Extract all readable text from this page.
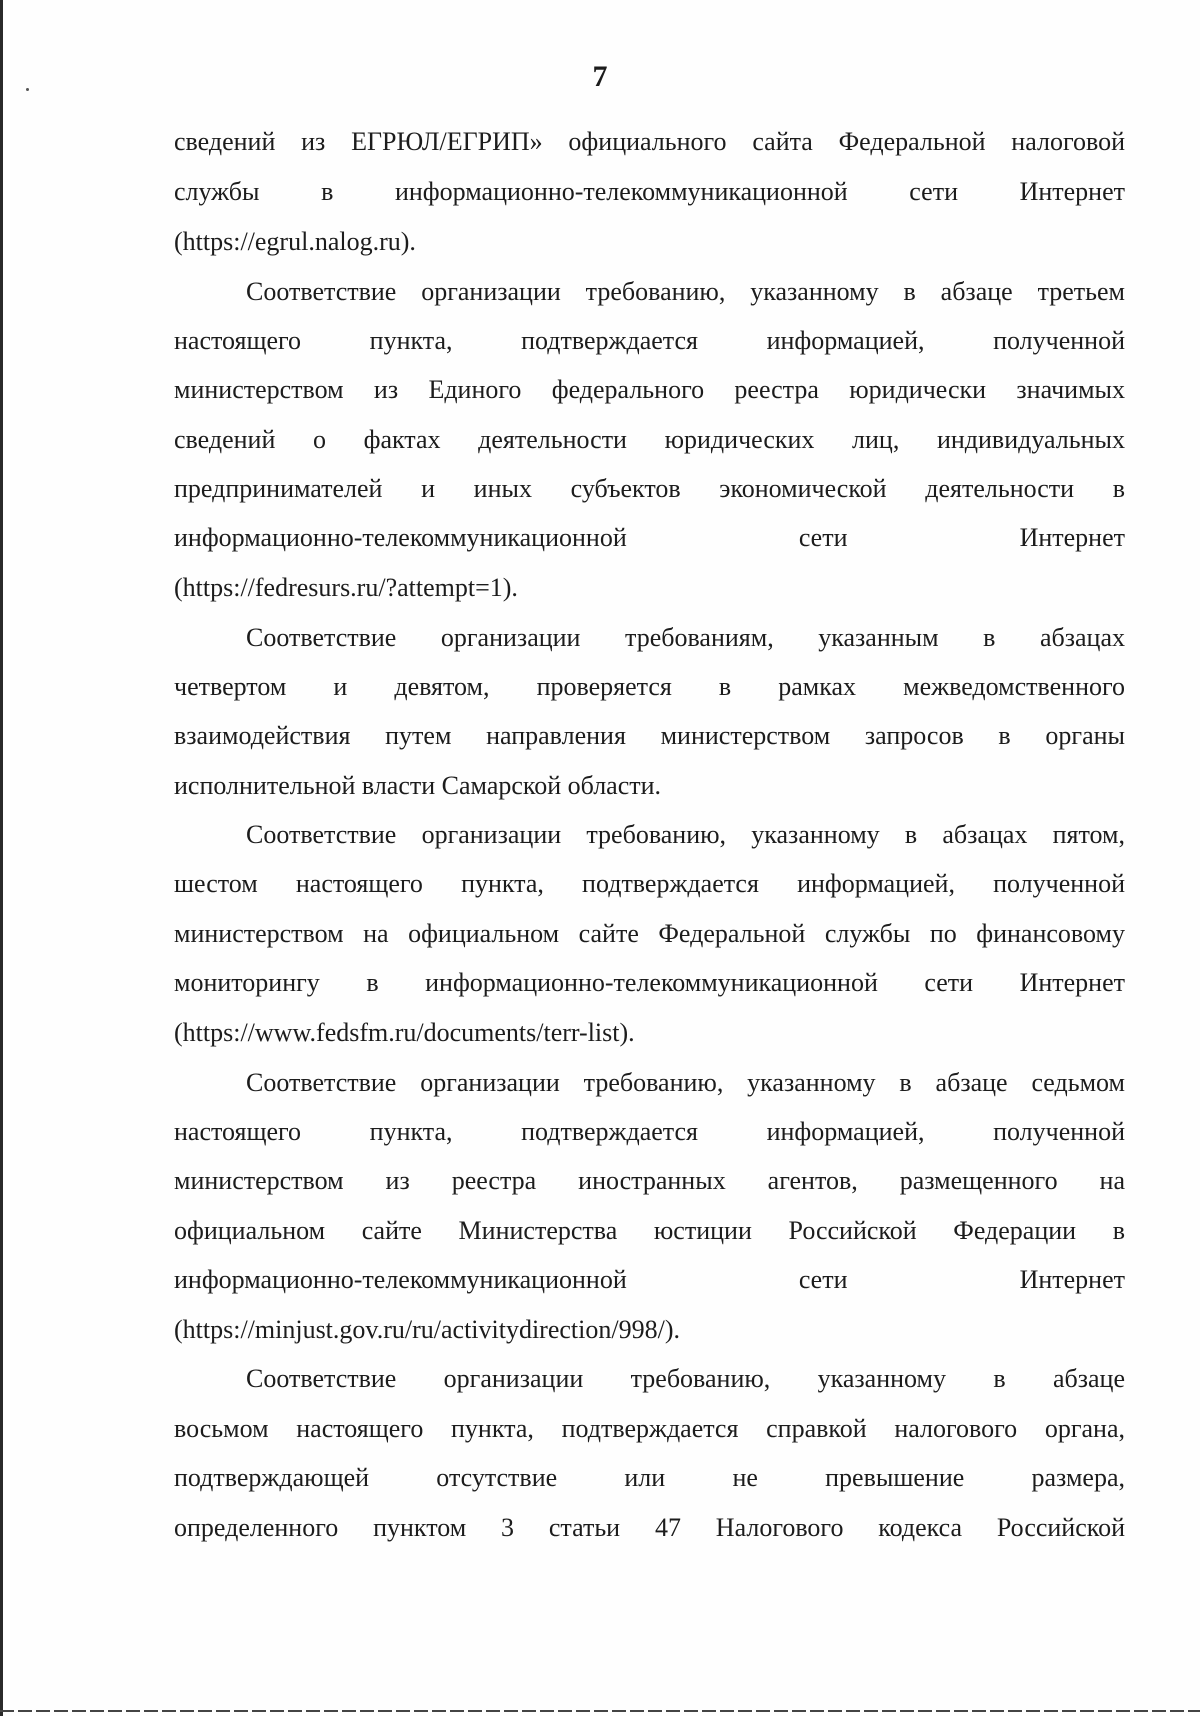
7
сведений из ЕГРЮЛ/ЕГРИП» официального сайта Федеральной налоговой
службы в информационно-телекоммуникационной сети Интернет
(https://egrul.nalog.ru).
Соответствие организации требованию, указанному в абзаце третьем
настоящего пункта, подтверждается информацией, полученной
министерством из Единого федерального реестра юридически значимых
сведений о фактах деятельности юридических лиц, индивидуальных
предпринимателей и иных субъектов экономической деятельности в
информационно-телекоммуникационной сети Интернет
(https://fedresurs.ru/?attempt=1).
Соответствие организации требованиям, указанным в абзацах
четвертом и девятом, проверяется в рамках межведомственного
взаимодействия путем направления министерством запросов в органы
исполнительной власти Самарской области.
Соответствие организации требованию, указанному в абзацах пятом,
шестом настоящего пункта, подтверждается информацией, полученной
министерством на официальном сайте Федеральной службы по финансовому
мониторингу в информационно-телекоммуникационной сети Интернет
(https://www.fedsfm.ru/documents/terr-list).
Соответствие организации требованию, указанному в абзаце седьмом
настоящего пункта, подтверждается информацией, полученной
министерством из реестра иностранных агентов, размещенного на
официальном сайте Министерства юстиции Российской Федерации в
информационно-телекоммуникационной сети Интернет
(https://minjust.gov.ru/ru/activitydirection/998/).
Соответствие организации требованию, указанному в абзаце
восьмом настоящего пункта, подтверждается справкой налогового органа,
подтверждающей отсутствие или не превышение размера,
определенного пунктом 3 статьи 47 Налогового кодекса Российской
